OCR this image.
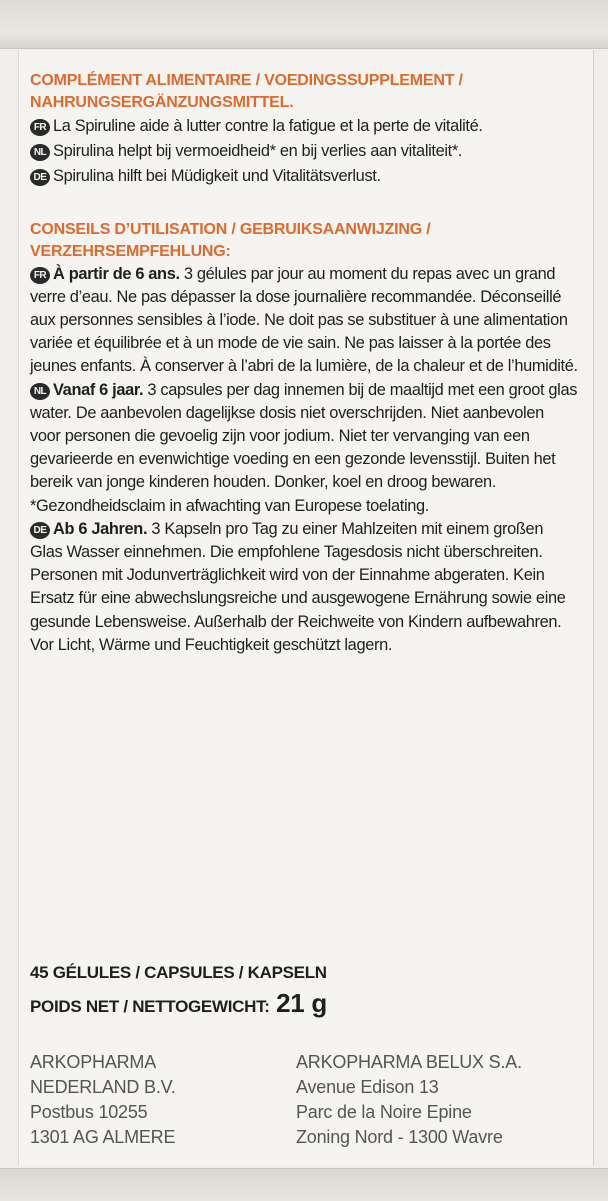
COMPLÉMENT ALIMENTAIRE / VOEDINGSSUPPLEMENT / NAHRUNGSERGÄNZUNGSMITTEL.
FR La Spiruline aide à lutter contre la fatigue et la perte de vitalité.
NL Spirulina helpt bij vermoeidheid* en bij verlies aan vitaliteit*.
DE Spirulina hilft bei Müdigkeit und Vitalitätsverlust.
CONSEILS D’UTILISATION / GEBRUIKSAANWIJZING / VERZEHRSEMPFEHLUNG:
FR À partir de 6 ans. 3 gélules par jour au moment du repas avec un grand verre d’eau. Ne pas dépasser la dose journalière recommandée. Déconseillé aux personnes sensibles à l’iode. Ne doit pas se substituer à une alimentation variée et équilibrée et à un mode de vie sain. Ne pas laisser à la portée des jeunes enfants. À conserver à l’abri de la lumière, de la chaleur et de l’humidité.
NL Vanaf 6 jaar. 3 capsules per dag innemen bij de maaltijd met een groot glas water. De aanbevolen dagelijkse dosis niet overschrijden. Niet aanbevolen voor personen die gevoelig zijn voor jodium. Niet ter vervanging van een gevarieerde en evenwichtige voeding en een gezonde levensstijl. Buiten het bereik van jonge kinderen houden. Donker, koel en droog bewaren. *Gezondheidsclaim in afwachting van Europese toelating.
DE Ab 6 Jahren. 3 Kapseln pro Tag zu einer Mahlzeiten mit einem großen Glas Wasser einnehmen. Die empfohlene Tagesdosis nicht überschreiten. Personen mit Jodunverträglichkeit wird von der Einnahme abgeraten. Kein Ersatz für eine abwechslungsreiche und ausgewogene Ernährung sowie eine gesunde Lebensweise. Außerhalb der Reichweite von Kindern aufbewahren. Vor Licht, Wärme und Feuchtigkeit geschützt lagern.
45 GÉLULES / CAPSULES / KAPSELN
POIDS NET / NETTOGEWICHT: 21 g
ARKOPHARMA
NEDERLAND B.V.
Postbus 10255
1301 AG ALMERE
ARKOPHARMA BELUX S.A.
Avenue Edison 13
Parc de la Noire Epine
Zoning Nord - 1300 Wavre
